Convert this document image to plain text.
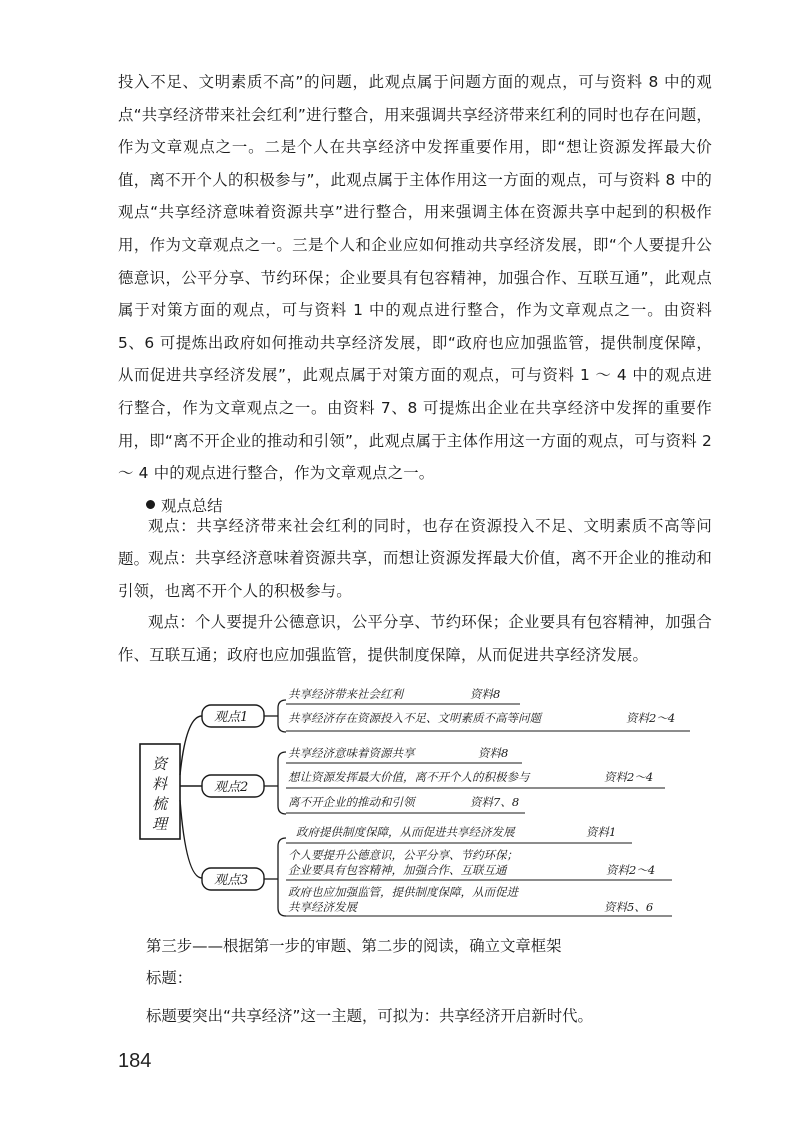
投入不足、文明素质不高”的问题，此观点属于问题方面的观点，可与资料 8 中的观点“共享经济带来社会红利”进行整合，用来强调共享经济带来红利的同时也存在问题，作为文章观点之一。二是个人在共享经济中发挥重要作用，即“想让资源发挥最大价值，离不开个人的积极参与”，此观点属于主体作用这一方面的观点，可与资料 8 中的观点“共享经济意味着资源共享”进行整合，用来强调主体在资源共享中起到的积极作用，作为文章观点之一。三是个人和企业应如何推动共享经济发展，即“个人要提升公德意识，公平分享、节约环保；企业要具有包容精神，加强合作、互联互通”，此观点属于对策方面的观点，可与资料 1 中的观点进行整合，作为文章观点之一。由资料 5、6 可提炼出政府如何推动共享经济发展，即“政府也应加强监管，提供制度保障，从而促进共享经济发展”，此观点属于对策方面的观点，可与资料 1 ～ 4 中的观点进行整合，作为文章观点之一。由资料 7、8 可提炼出企业在共享经济中发挥的重要作用，即“离不开企业的推动和引领”，此观点属于主体作用这一方面的观点，可与资料 2 ～ 4 中的观点进行整合，作为文章观点之一。

观点总结

观点：共享经济带来社会红利的同时，也存在资源投入不足、文明素质不高等问题。

观点：共享经济意味着资源共享，而想让资源发挥最大价值，离不开企业的推动和引领，也离不开个人的积极参与。

观点：个人要提升公德意识，公平分享、节约环保；企业要具有包容精神，加强合作、互联互通；政府也应加强监管，提供制度保障，从而促进共享经济发展。

资
料
梳
理
观点1
共享经济带来社会红利	资料8
共享经济存在资源投入不足、文明素质不高等问题	资料2～4
观点2
共享经济意味着资源共享	资料8
想让资源发挥最大价值，离不开个人的积极参与	资料2～4
离不开企业的推动和引领	资料7、8
观点3
政府提供制度保障，从而促进共享经济发展	资料1
个人要提升公德意识，公平分享、节约环保；
企业要具有包容精神，加强合作、互联互通	资料2～4
政府也应加强监管，提供制度保障，从而促进
共享经济发展	资料5、6
第三步——根据第一步的审题、第二步的阅读，确立文章框架
标题：
标题要突出“共享经济”这一主题，可拟为：共享经济开启新时代。
184
